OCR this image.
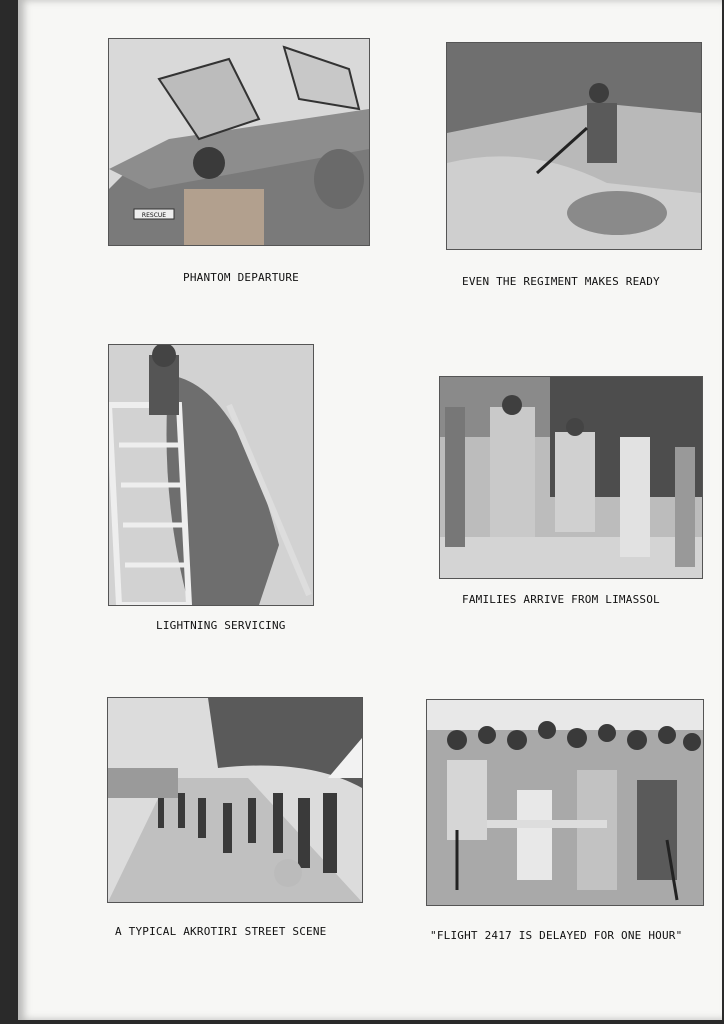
RESCUE
PHANTOM DEPARTURE	EVEN THE REGIMENT MAKES READY
LIGHTNING SERVICING
FAMILIES ARRIVE FROM LIMASSOL
A TYPICAL AKROTIRI STREET SCENE	"FLIGHT 2417 IS DELAYED FOR ONE HOUR"
